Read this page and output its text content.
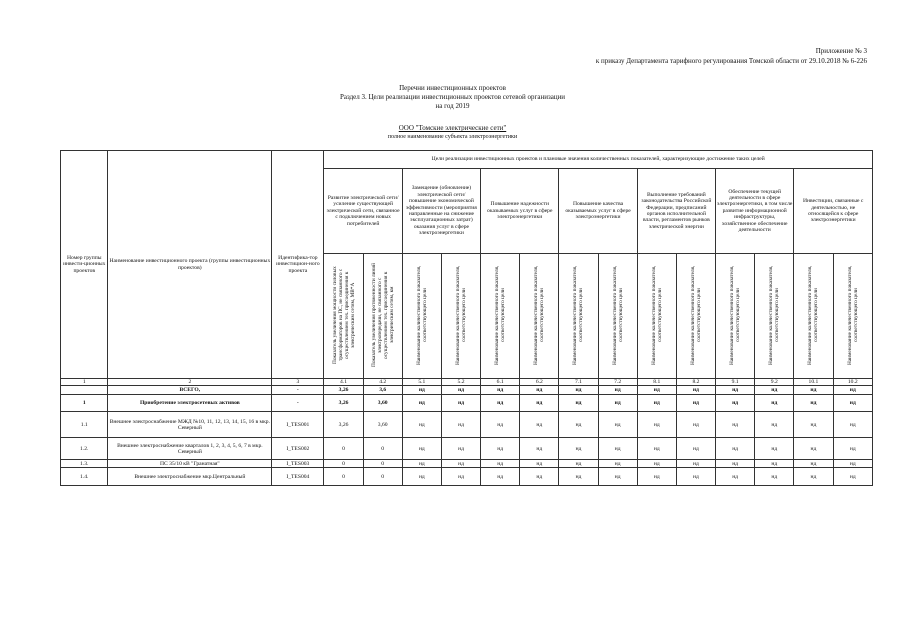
Приложение № 3
к приказу Департамента тарифного регулирования Томской области от 29.10.2018 № 6-226
Перечни инвестиционных проектов
Раздел 3. Цели реализации инвестиционных проектов сетевой организации
на год 2019
ООО "Томские электрические сети"
полное наименование субъекта электроэнергетики
Номер группы инвести-ционных проектов	Наименование инвестиционного проекта (группы инвестиционных проектов)	Идентифика-тор инвестицион-ного проекта	Цели реализации инвестиционных проектов и плановые значения количественных показателей, характеризующие достижение таких целей													
			Развитие электрической сети/усиление существующей электрической сети, связанное с подключением новых потребителей		Замещение (обновление) электрической сети/повышение экономической эффективности (мероприятия направленные на снижение эксплуатационных затрат) оказания услуг в сфере электроэнергетики		Повышение надежности оказываемых услуг в сфере электроэнергетики		Повышение качества оказываемых услуг в сфере электроэнергетики		Выполнение требований законодательства Российской Федерации, предписаний органов исполнительной власти, регламентов рынков электрической энергии		Обеспечение текущей деятельности в сфере электроэнергетики, в том числе развитие информационной инфраструктуры, хозяйственное обеспечение деятельности		Инвестиции, связанные с деятельностью, не относящейся к сфере электроэнергетики	
			Показатель увеличения мощности силовых трансформаторов на ПС, не связанного с осуществлением тех. присоединения к электрическим сетям, МВ*А	Показатель увеличения протяженности линий электропередачи, не связанного с осуществлением тех. присоединения к электрическим сетям, км	Наименование количественного показателя, соответствующего цели	Наименование количественного показателя, соответствующего цели	Наименование количественного показателя, соответствующего цели	Наименование количественного показателя, соответствующего цели	Наименование количественного показателя, соответствующего цели	Наименование количественного показателя, соответствующего цели	Наименование количественного показателя, соответствующего цели	Наименование количественного показателя, соответствующего цели	Наименование количественного показателя, соответствующего цели	Наименование количественного показателя, соответствующего цели	Наименование количественного показателя, соответствующего цели	Наименование количественного показателя, соответствующего цели
1	2	3	4.1	4.2	5.1	5.2	6.1	6.2	7.1	7.2	8.1	8.2	9.1	9.2	10.1	10.2
	ВСЕГО,	-	3,26	3,6	нд	нд	нд	нд	нд	нд	нд	нд	нд	нд	нд	нд
1	Приобретение электросетевых активов	-	3,26	3,60	нд	нд	нд	нд	нд	нд	нд	нд	нд	нд	нд	нд
1.1	Внешнее электроснабжение МЖД №10, 11, 12, 13, 14, 15, 16 в мкр. Северный	I_TES001	3,26	3,60	нд	нд	нд	нд	нд	нд	нд	нд	нд	нд	нд	нд
1.2.	Внешнее электроснабжение кварталов 1, 2, 3, 4, 5, 6, 7 в мкр. Северный	I_TES002	0	0	нд	нд	нд	нд	нд	нд	нд	нд	нд	нд	нд	нд
1.3.	ПС 35/10 кВ "Гранатная"	I_TES003	0	0	нд	нд	нд	нд	нд	нд	нд	нд	нд	нд	нд	нд
1.4.	Внешнее электроснабжение мкр.Центральный	I_TES004	0	0	нд	нд	нд	нд	нд	нд	нд	нд	нд	нд	нд	нд
